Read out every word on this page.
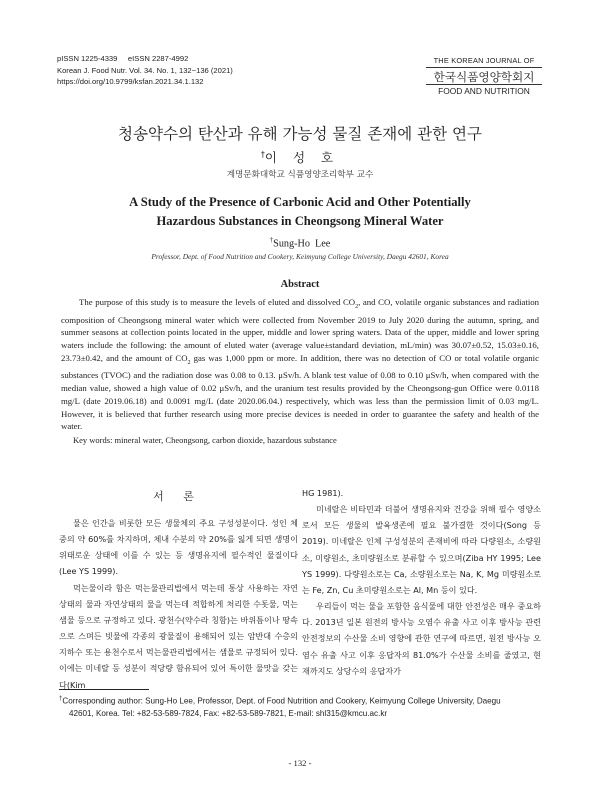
pISSN 1225-4339     eISSN 2287-4992
Korean J. Food Nutr. Vol. 34. No. 1, 132~136 (2021)
https://doi.org/10.9799/ksfan.2021.34.1.132
THE KOREAN JOURNAL OF
한국식품영양학회지
FOOD AND NUTRITION
청송약수의 탄산과 유해 가능성 물질 존재에 관한 연구
†이 성 호
계명문화대학교 식품영양조리학부 교수
A Study of the Presence of Carbonic Acid and Other Potentially
Hazardous Substances in Cheongsong Mineral Water
†Sung-Ho  Lee
Professor, Dept. of Food Nutrition and Cookery, Keimyung College University, Daegu 42601, Korea
Abstract
The purpose of this study is to measure the levels of eluted and dissolved $CO_2$, and CO, volatile organic substances and radiation composition of Cheongsong mineral water which were collected from November 2019 to July 2020 during the autumn, spring, and summer seasons at collection points located in the upper, middle and lower spring waters. Data of the upper, middle and lower spring waters include the following: the amount of eluted water (average value±standard deviation, mL/min) was 30.07±0.52, 15.03±0.16, 23.73±0.42, and the amount of $CO_2$ gas was 1,000 ppm or more. In addition, there was no detection of CO or total volatile organic substances (TVOC) and the radiation dose was 0.08 to 0.13. μSv/h. A blank test value of 0.08 to 0.10 μSv/h, when compared with the median value, showed a high value of 0.02 μSv/h, and the uranium test results provided by the Cheongsong-gun Office were 0.0118 mg/L (date 2019.06.18) and 0.0091 mg/L (date 2020.06.04.) respectively, which was less than the permission limit of 0.03 mg/L. However, it is believed that further research using more precise devices is needed in order to guarantee the safety and health of the water.
Key words: mineral water, Cheongsong, carbon dioxide, hazardous substance
서 론

물은 인간을 비롯한 모든 생물체의 주요 구성성분이다. 성인 체중의 약 60%를 차지하며, 체내 수분의 약 20%를 잃게 되면 생명이 위태로운 상태에 이를 수 있는 등 생명유지에 필수적인 물질이다(Lee YS 1999).

먹는물이라 함은 먹는물관리법에서 먹는데 통상 사용하는 자연상태의 물과 자연상태의 물을 먹는데 적합하게 처리한 수돗물, 먹는 샘물 등으로 규정하고 있다. 광천수(약수라 칭함)는 바위틈이나 땅속으로 스며든 빗물에 각종의 광물질이 용해되어 있는 암반대 수층의 지하수 또는 용천수로서 먹는물관리법에서는 샘물로 규정되어 있다. 이에는 미네랄 등 성분이 적당량 함유되어 있어 특이한 물맛을 갖는다(Kim

HG 1981).

미네랄은 비타민과 더불어 생명유지와 건강을 위해 필수 영양소로서 모든 생물의 발육생존에 필요 불가결한 것이다(Song 등 2019). 미네랄은 인체 구성성분의 존재비에 따라 다량원소, 소량원소, 미량원소, 초미량원소로 분류할 수 있으며(Ziba HY 1995; Lee YS 1999). 다량원소로는 Ca, 소량원소로는 Na, K, Mg 미량원소로는 Fe, Zn, Cu 초미량원소로는 Al, Mn 등이 있다.

우리들이 먹는 물을 포함한 음식물에 대한 안전성은 매우 중요하다. 2013년 일본 원전의 방사능 오염수 유출 사고 이후 방사능 관련 안전정보의 수산물 소비 영향에 관한 연구에 따르면, 원전 방사능 오염수 유출 사고 이후 응답자의 81.0%가 수산물 소비를 줄였고, 현재까지도 상당수의 응답자가

†Corresponding author: Sung-Ho Lee, Professor, Dept. of Food Nutrition and Cookery, Keimyung College University, Daegu
42601, Korea. Tel: +82-53-589-7824, Fax: +82-53-589-7821, E-mail: shl315@kmcu.ac.kr
- 132 -
